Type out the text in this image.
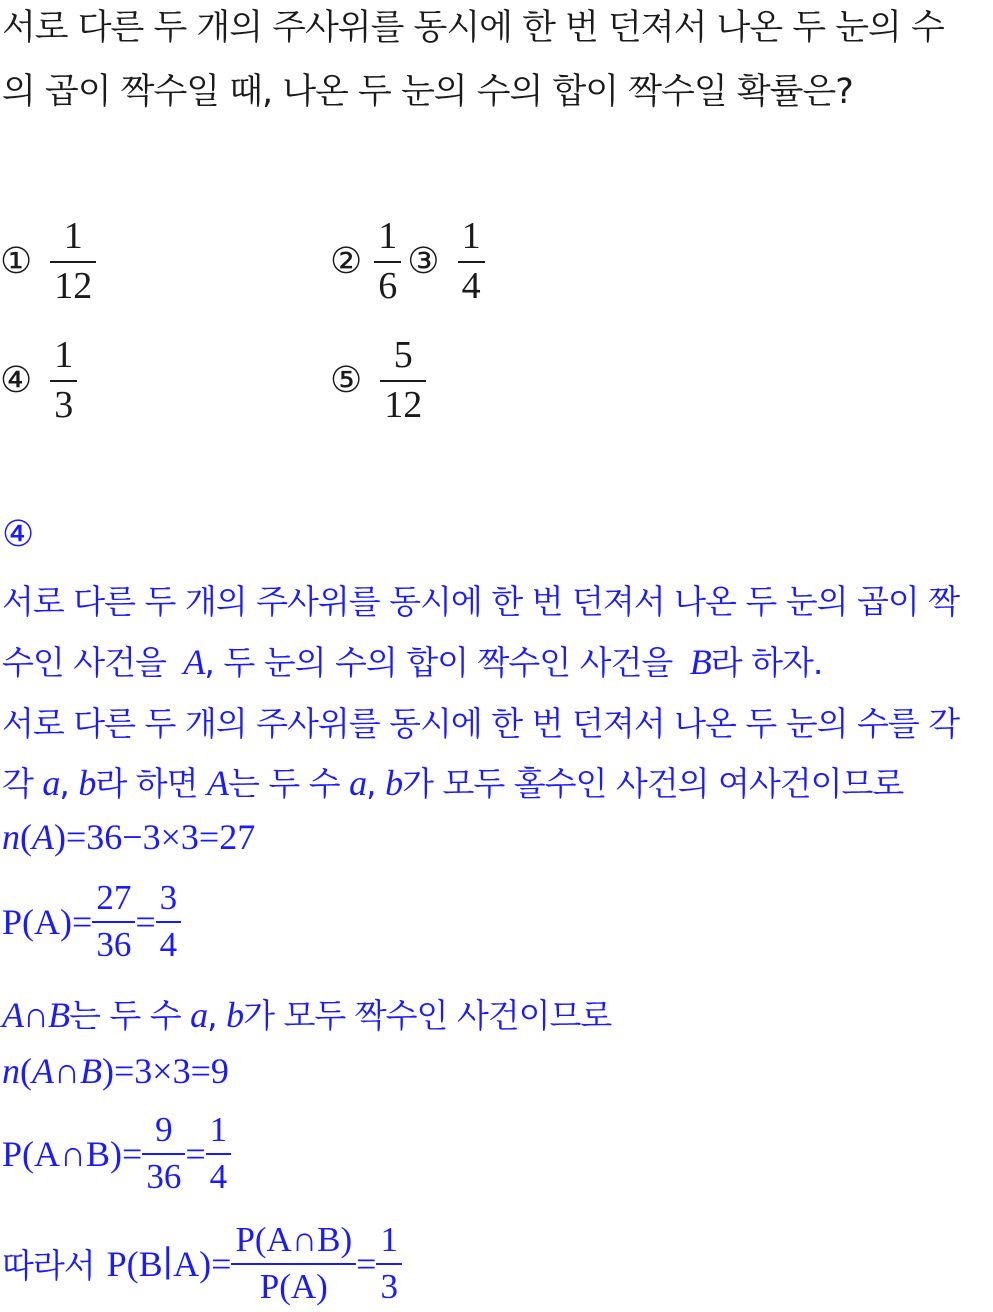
서로 다른 두 개의 주사위를 동시에 한 번 던져서 나온 두 눈의 수
의 곱이 짝수일 때, 나온 두 눈의 수의 합이 짝수일 확률은?
① $\frac{1}{12}$	② $\frac{1}{6}$ ③ $\frac{1}{4}$
④ $\frac{1}{3}$	⑤ $\frac{5}{12}$
④
서로 다른 두 개의 주사위를 동시에 한 번 던져서 나온 두 눈의 곱이 짝
수인 사건을 A, 두 눈의 수의 합이 짝수인 사건을 B라 하자.
서로 다른 두 개의 주사위를 동시에 한 번 던져서 나온 두 눈의 수를 각
각 a, b라 하면 A는 두 수 a, b가 모두 홀수인 사건의 여사건이므로
n ( A ) =36−3×3=27
$P(A)= \frac{27}{36} = \frac{3}{4}$
A∩B는 두 수 a, b가 모두 짝수인 사건이므로
n ( A∩B ) =3×3=9
P(A∩B)= $\frac{9}{36} = \frac{1}{4}$
따라서 P(B∣A)= $\frac{P(A\cap B)}{P(A)} = \frac{1}{3}$
